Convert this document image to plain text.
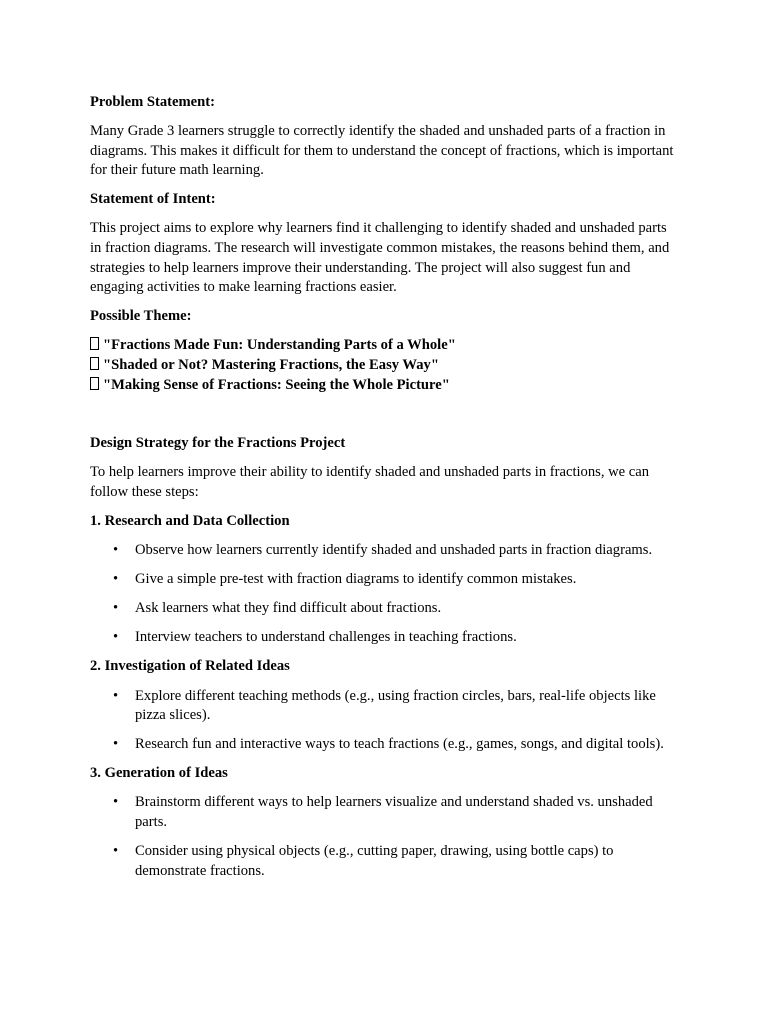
Problem Statement:

Many Grade 3 learners struggle to correctly identify the shaded and unshaded parts of a fraction in diagrams. This makes it difficult for them to understand the concept of fractions, which is important for their future math learning.

Statement of Intent:

This project aims to explore why learners find it challenging to identify shaded and unshaded parts in fraction diagrams. The research will investigate common mistakes, the reasons behind them, and strategies to help learners improve their understanding. The project will also suggest fun and engaging activities to make learning fractions easier.

Possible Theme:

"Fractions Made Fun: Understanding Parts of a Whole"
"Shaded or Not? Mastering Fractions, the Easy Way"
"Making Sense of Fractions: Seeing the Whole Picture"

Design Strategy for the Fractions Project

To help learners improve their ability to identify shaded and unshaded parts in fractions, we can follow these steps:

1. Research and Data Collection

• Observe how learners currently identify shaded and unshaded parts in fraction diagrams.
• Give a simple pre-test with fraction diagrams to identify common mistakes.
• Ask learners what they find difficult about fractions.
• Interview teachers to understand challenges in teaching fractions.

2. Investigation of Related Ideas

• Explore different teaching methods (e.g., using fraction circles, bars, real-life objects like pizza slices).
• Research fun and interactive ways to teach fractions (e.g., games, songs, and digital tools).

3. Generation of Ideas

• Brainstorm different ways to help learners visualize and understand shaded vs. unshaded parts.
• Consider using physical objects (e.g., cutting paper, drawing, using bottle caps) to demonstrate fractions.
